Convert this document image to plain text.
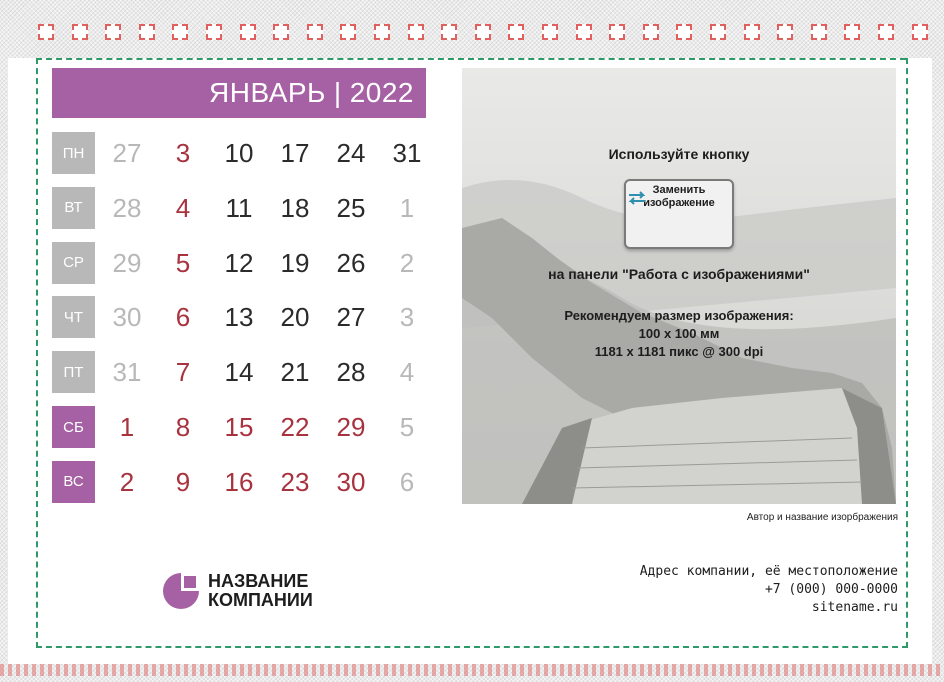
ЯНВАРЬ | 2022
ПН	27	3	10	17	24	31
ВТ	28	4	11	18	25	1
СР	29	5	12	19	26	2
ЧТ	30	6	13	20	27	3
ПТ	31	7	14	21	28	4
СБ	1	8	15	22	29	5
ВС	2	9	16	23	30	6
Используйте кнопку
Заменить
изображение
на панели "Работа с изображениями"
Рекомендуем размер изображения:
100 x 100 мм
1181 x 1181 пикс @ 300 dpi
Автор и название изорбражения
НАЗВАНИЕ
КОМПАНИИ
Адрес компании, её местоположение
+7 (000) 000-0000
sitename.ru
